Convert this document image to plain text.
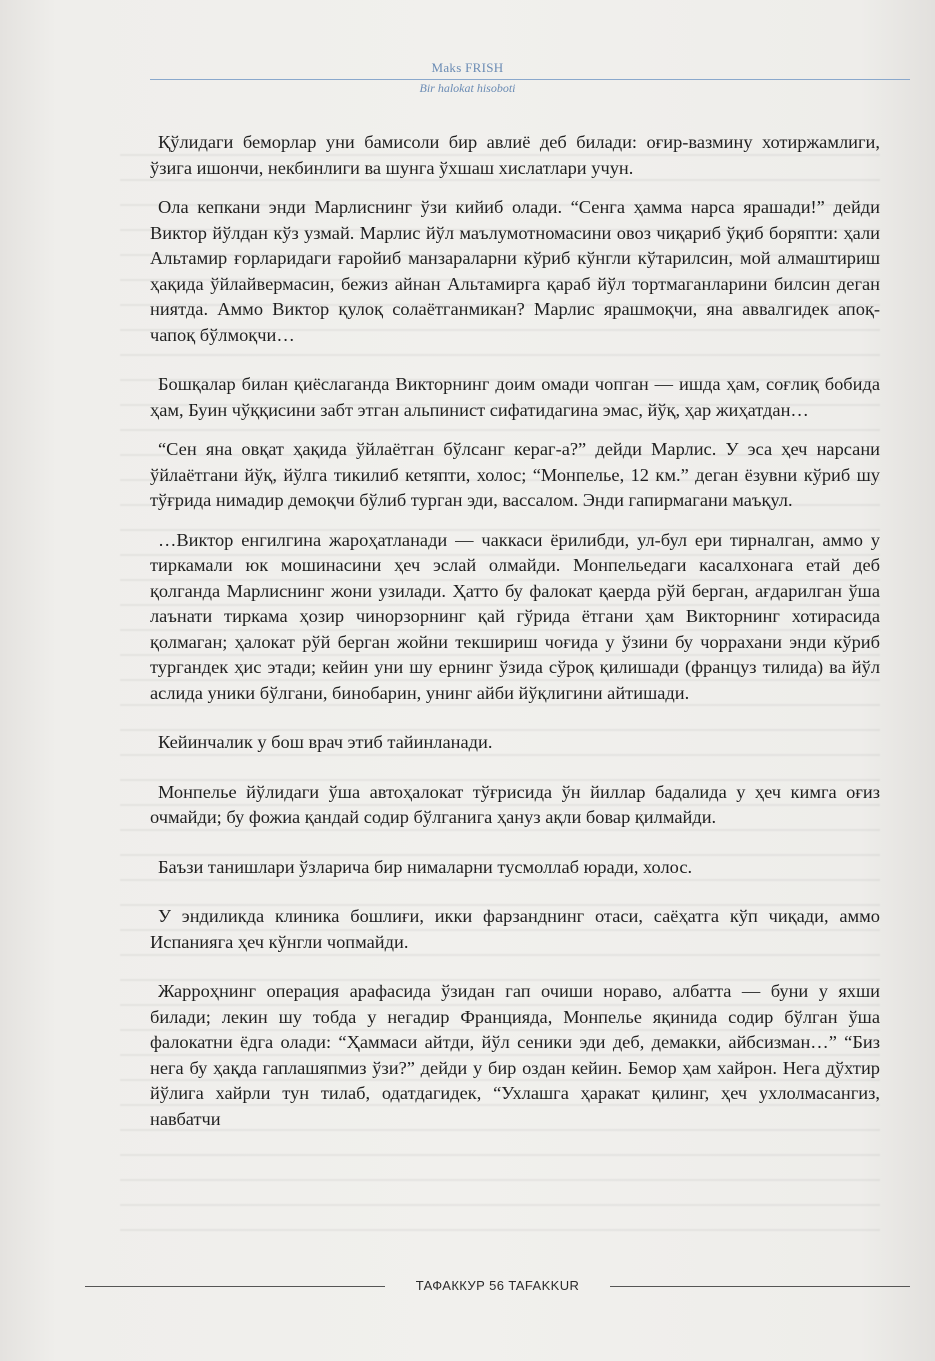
Maks FRISH
Bir halokat hisoboti

Қўлидаги беморлар уни бамисоли бир авлиё деб билади: оғир-вазмину хотиржамлиги, ўзига ишончи, некбинлиги ва шунга ўхшаш хислатлари учун.

Ола кепкани энди Марлиснинг ўзи кийиб олади. “Сенга ҳамма нарса ярашади!” дейди Виктор йўлдан кўз узмай. Марлис йўл маълумотномасини овоз чиқариб ўқиб боряпти: ҳали Альтамир ғорларидаги ғаройиб манзараларни кўриб кўнгли кўтарилсин, мой алмаштириш ҳақида ўйлайвермасин, бежиз айнан Альтамирга қараб йўл тортмаганларини билсин деган ниятда. Аммо Виктор қулоқ солаётганмикан? Марлис ярашмоқчи, яна аввалгидек апоқ-чапоқ бўлмоқчи…

Бошқалар билан қиёслаганда Викторнинг доим омади чопган — ишда ҳам, соғлиқ бобида ҳам, Буин чўққисини забт этган альпинист сифатидагина эмас, йўқ, ҳар жиҳатдан…

“Сен яна овқат ҳақида ўйлаётган бўлсанг кераг-а?” дейди Марлис. У эса ҳеч нарсани ўйлаётгани йўқ, йўлга тикилиб кетяпти, холос; “Монпелье, 12 км.” деган ёзувни кўриб шу тўғрида нимадир демоқчи бўлиб турган эди, вассалом. Энди гапирмагани маъқул.

…Виктор енгилгина жароҳатланади — чаккаси ёрилибди, ул-бул ери тирналган, аммо у тиркамали юк мошинасини ҳеч эслай олмайди. Монпельедаги касалхонага етай деб қолганда Марлиснинг жони узилади. Ҳатто бу фалокат қаерда рўй берган, ағдарилган ўша лаънати тиркама ҳозир чинорзорнинг қай гўрида ётгани ҳам Викторнинг хотирасида қолмаган; ҳалокат рўй берган жойни текшириш чоғида у ўзини бу чоррахани энди кўриб тургандек ҳис этади; кейин уни шу ернинг ўзида сўроқ қилишади (француз тилида) ва йўл аслида уники бўлгани, бинобарин, унинг айби йўқлигини айтишади.

Кейинчалик у бош врач этиб тайинланади.

Монпелье йўлидаги ўша автоҳалокат тўғрисида ўн йиллар бадалида у ҳеч кимга оғиз очмайди; бу фожиа қандай содир бўлганига ҳануз ақли бовар қилмайди.

Баъзи танишлари ўзларича бир нималарни тусмоллаб юради, холос.

У эндиликда клиника бошлиғи, икки фарзанднинг отаси, саёҳатга кўп чиқади, аммо Испанияга ҳеч кўнгли чопмайди.

Жарроҳнинг операция арафасида ўзидан гап очиши нораво, албатта — буни у яхши билади; лекин шу тобда у негадир Францияда, Монпелье яқинида содир бўлган ўша фалокатни ёдга олади: “Ҳаммаси айтди, йўл сеники эди деб, демакки, айбсизман…” “Биз нега бу ҳақда гаплашяпмиз ўзи?” дейди у бир оздан кейин. Бемор ҳам хайрон. Нега дўхтир йўлига хайрли тун тилаб, одатдагидек, “Ухлашга ҳаракат қилинг, ҳеч ухлолмасангиз, навбатчи

ТАФАККУР 56 TAFAKKUR
